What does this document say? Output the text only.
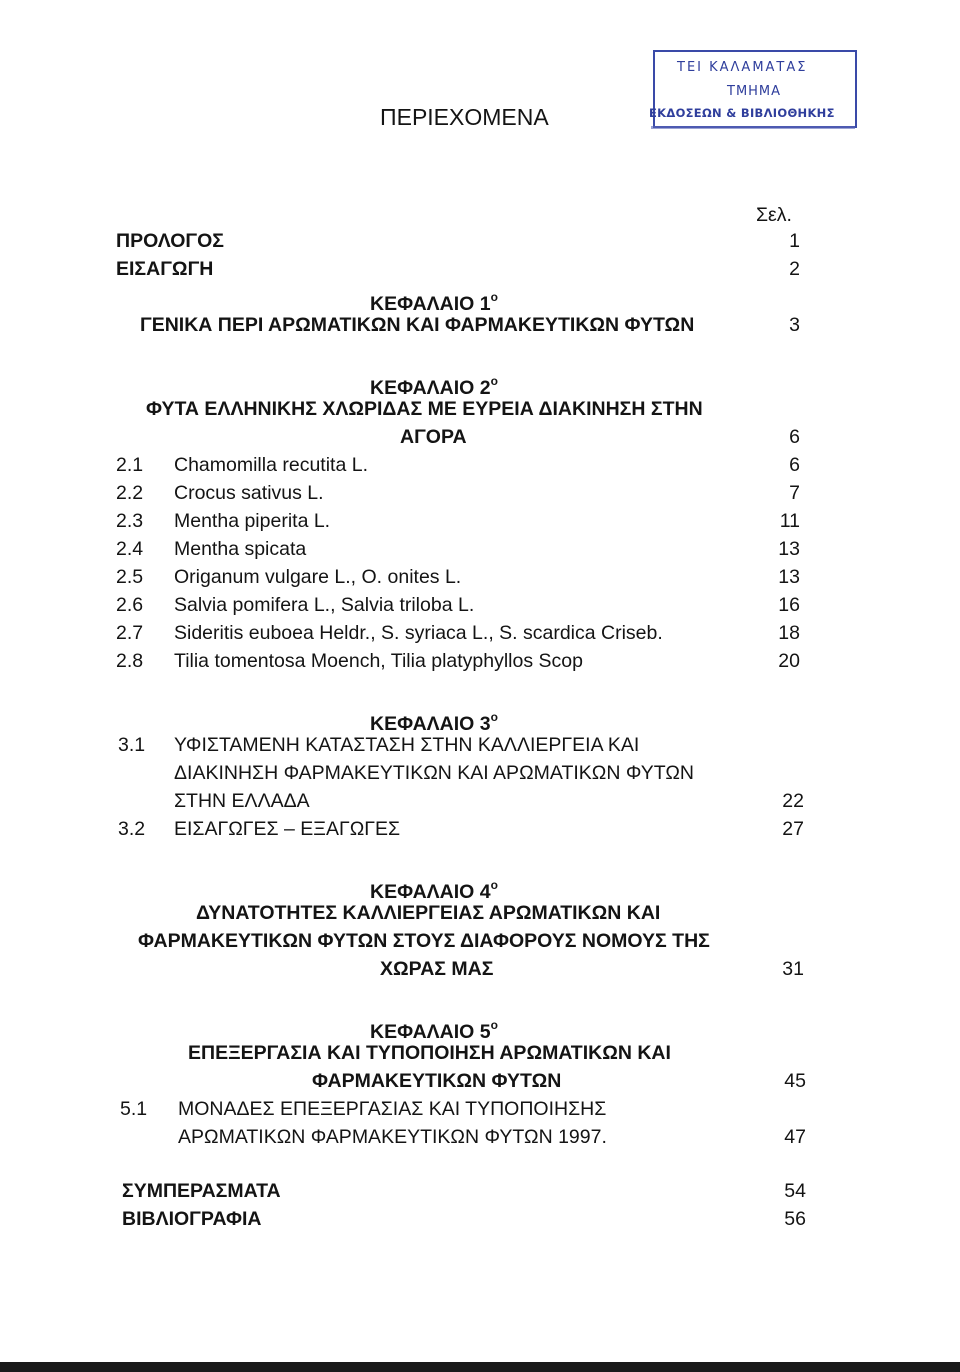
ΤΕΙ ΚΑΛΑΜΑΤΑΣ
ΤΜΗΜΑ
ΕΚΔΟΣΕΩΝ & ΒΙΒΛΙΟΘΗΚΗΣ
ΠΕΡΙΕΧΟΜΕΝΑ
Σελ.
ΠΡΟΛΟΓΟΣ	1
ΕΙΣΑΓΩΓΗ	2
ΚΕΦΑΛΑΙΟ $1^o$
ΓΕΝΙΚΑ ΠΕΡΙ ΑΡΩΜΑΤΙΚΩΝ ΚΑΙ ΦΑΡΜΑΚΕΥΤΙΚΩΝ ΦΥΤΩΝ	3
ΚΕΦΑΛΑΙΟ $2^o$
ΦΥΤΑ ΕΛΛΗΝΙΚΗΣ ΧΛΩΡΙΔΑΣ ΜΕ ΕΥΡΕΙΑ ΔΙΑΚΙΝΗΣΗ ΣΤΗΝ
ΑΓΟΡΑ	6
2.1 Chamomilla recutita L.	6
2.2 Crocus sativus L.	7
2.3 Mentha piperita L.	11
2.4 Mentha spicata	13
2.5 Origanum vulgare L., O. onites L.	13
2.6 Salvia pomifera L., Salvia triloba L.	16
2.7 Sideritis euboea Heldr., S. syriaca L., S. scardica Criseb.	18
2.8 Tilia tomentosa Moench, Tilia platyphyllos Scop	20
ΚΕΦΑΛΑΙΟ $3^o$
3.1 ΥΦΙΣΤΑΜΕΝΗ ΚΑΤΑΣΤΑΣΗ ΣΤΗΝ ΚΑΛΛΙΕΡΓΕΙΑ ΚΑΙ
ΔΙΑΚΙΝΗΣΗ ΦΑΡΜΑΚΕΥΤΙΚΩΝ ΚΑΙ ΑΡΩΜΑΤΙΚΩΝ ΦΥΤΩΝ
ΣΤΗΝ ΕΛΛΑΔΑ	22
3.2 ΕΙΣΑΓΩΓΕΣ – ΕΞΑΓΩΓΕΣ	27
ΚΕΦΑΛΑΙΟ $4^o$
ΔΥΝΑΤΟΤΗΤΕΣ ΚΑΛΛΙΕΡΓΕΙΑΣ ΑΡΩΜΑΤΙΚΩΝ ΚΑΙ
ΦΑΡΜΑΚΕΥΤΙΚΩΝ ΦΥΤΩΝ ΣΤΟΥΣ ΔΙΑΦΟΡΟΥΣ ΝΟΜΟΥΣ ΤΗΣ
ΧΩΡΑΣ ΜΑΣ	31
ΚΕΦΑΛΑΙΟ $5^o$
ΕΠΕΞΕΡΓΑΣΙΑ ΚΑΙ ΤΥΠΟΠΟΙΗΣΗ ΑΡΩΜΑΤΙΚΩΝ ΚΑΙ
ΦΑΡΜΑΚΕΥΤΙΚΩΝ ΦΥΤΩΝ	45
5.1 ΜΟΝΑΔΕΣ ΕΠΕΞΕΡΓΑΣΙΑΣ ΚΑΙ ΤΥΠΟΠΟΙΗΣΗΣ
ΑΡΩΜΑΤΙΚΩΝ ΦΑΡΜΑΚΕΥΤΙΚΩΝ ΦΥΤΩΝ 1997.	47
ΣΥΜΠΕΡΑΣΜΑΤΑ	54
ΒΙΒΛΙΟΓΡΑΦΙΑ	56
